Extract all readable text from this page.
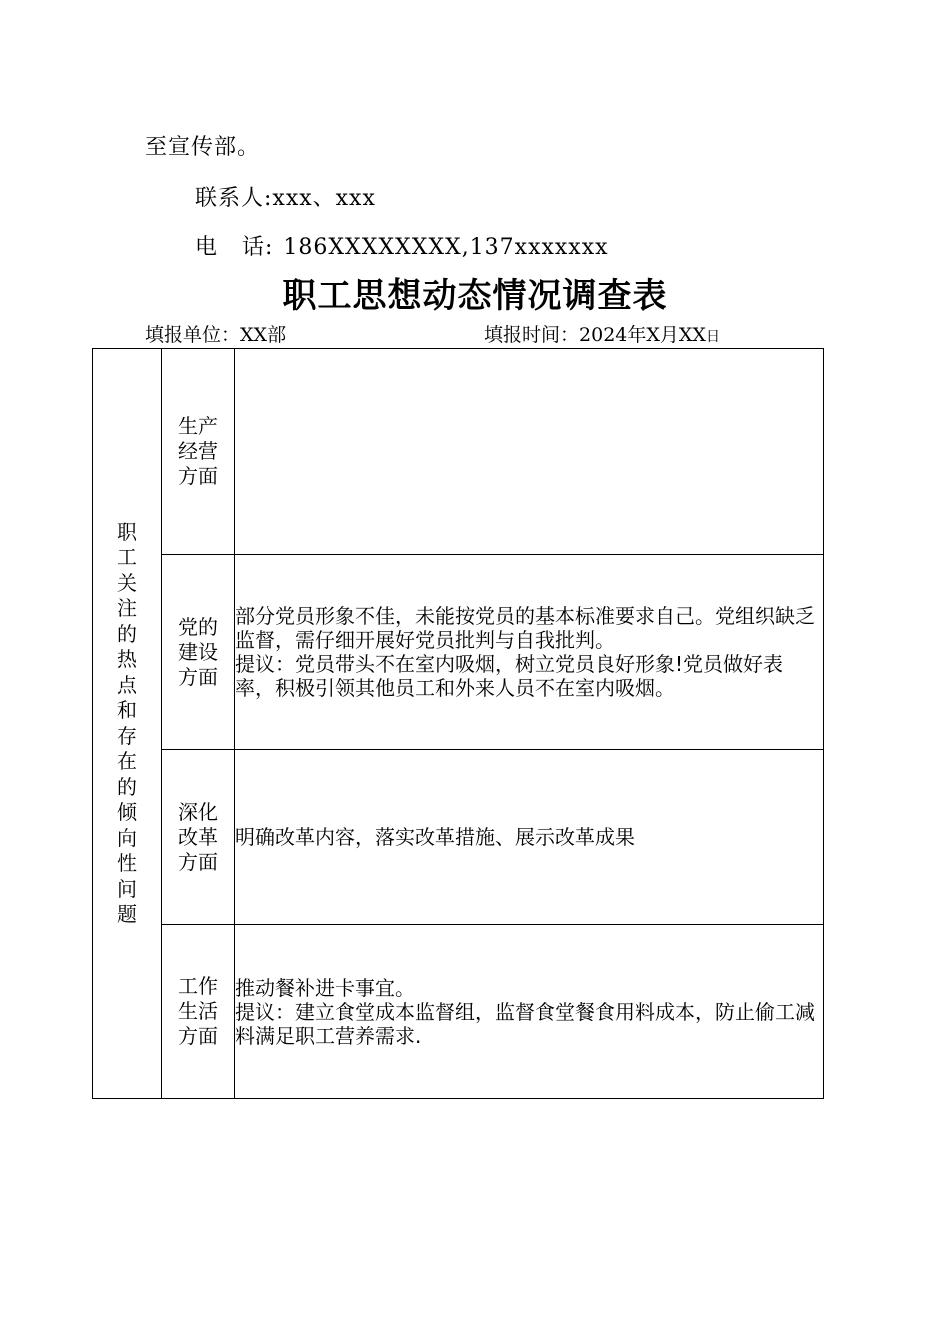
至宣传部。
联系人:xxx、xxx
电   话: 186XXXXXXXX,137xxxxxxx
职工思想动态情况调查表
填报单位：XX部	填报时间：2024年X月XX日
职工关注的热点和存在的倾向性问题	生产经营方面	

	党的建设方面	部分党员形象不佳，未能按党员的基本标准要求自己。党组织缺乏监督，需仔细开展好党员批判与自我批判。

提议：党员带头不在室内吸烟，树立党员良好形象!党员做好表率，积极引领其他员工和外来人员不在室内吸烟。

	深化改革方面	明确改革内容，落实改革措施、展示改革成果

	工作生活方面	推动餐补进卡事宜。

提议：建立食堂成本监督组，监督食堂餐食用料成本，防止偷工减料满足职工营养需求.
